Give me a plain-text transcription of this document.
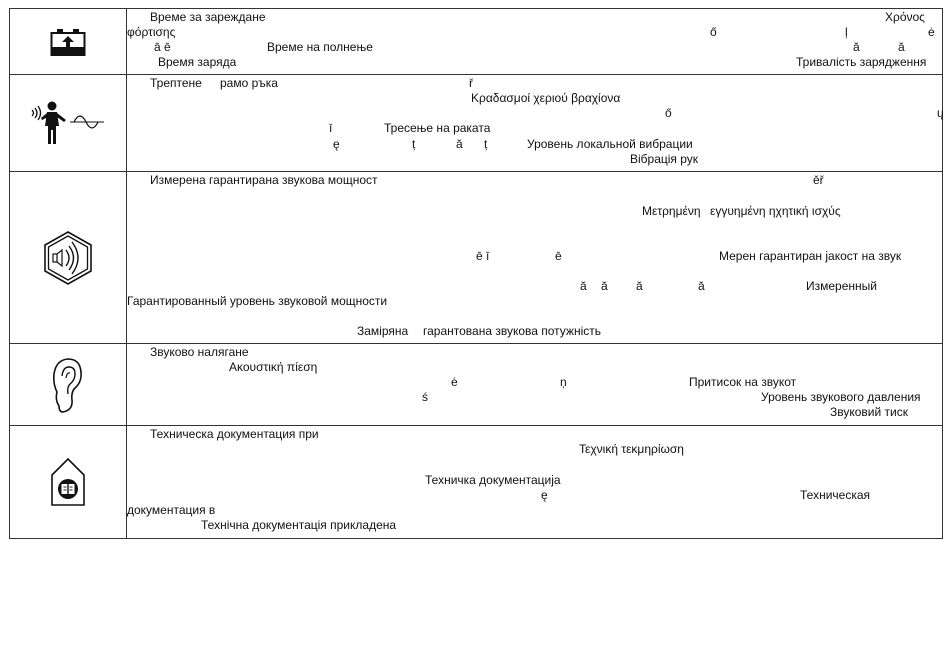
Време за зареждане	Χρόνος
φόρτισης	ő	ļ	ė
ā ē	Време на полнење	ă	ă
Время заряда	Тривалість зарядження
Трептене рамо ръка	ř
Κραδασμοί χεριού βραχίονα
ő	ų
ī	Тресење на раката
ę	ț	ă ț	Уровень локальной вибрации
Вібрація рук
Измерена гарантирана звукова мощност	ěř
Μετρημένη εγγυημένη ηχητική ισχύς
ē ī	ē	Мерен гарантиран јакост на звук
ă ă ă	ă	Измеренный
Гарантированный уровень звуковой мощности
Заміряна гарантована звукова потужність
Звуково налягане
Ακουστική πίεση
ė	ņ	Притисок на звукот
ś	Уровень звукового давления
Звуковий тиск
Техническа документация при
Τεχνική τεκμηρίωση
Техничка документација
ę	Техническая
документация в
Технічна документація прикладена
